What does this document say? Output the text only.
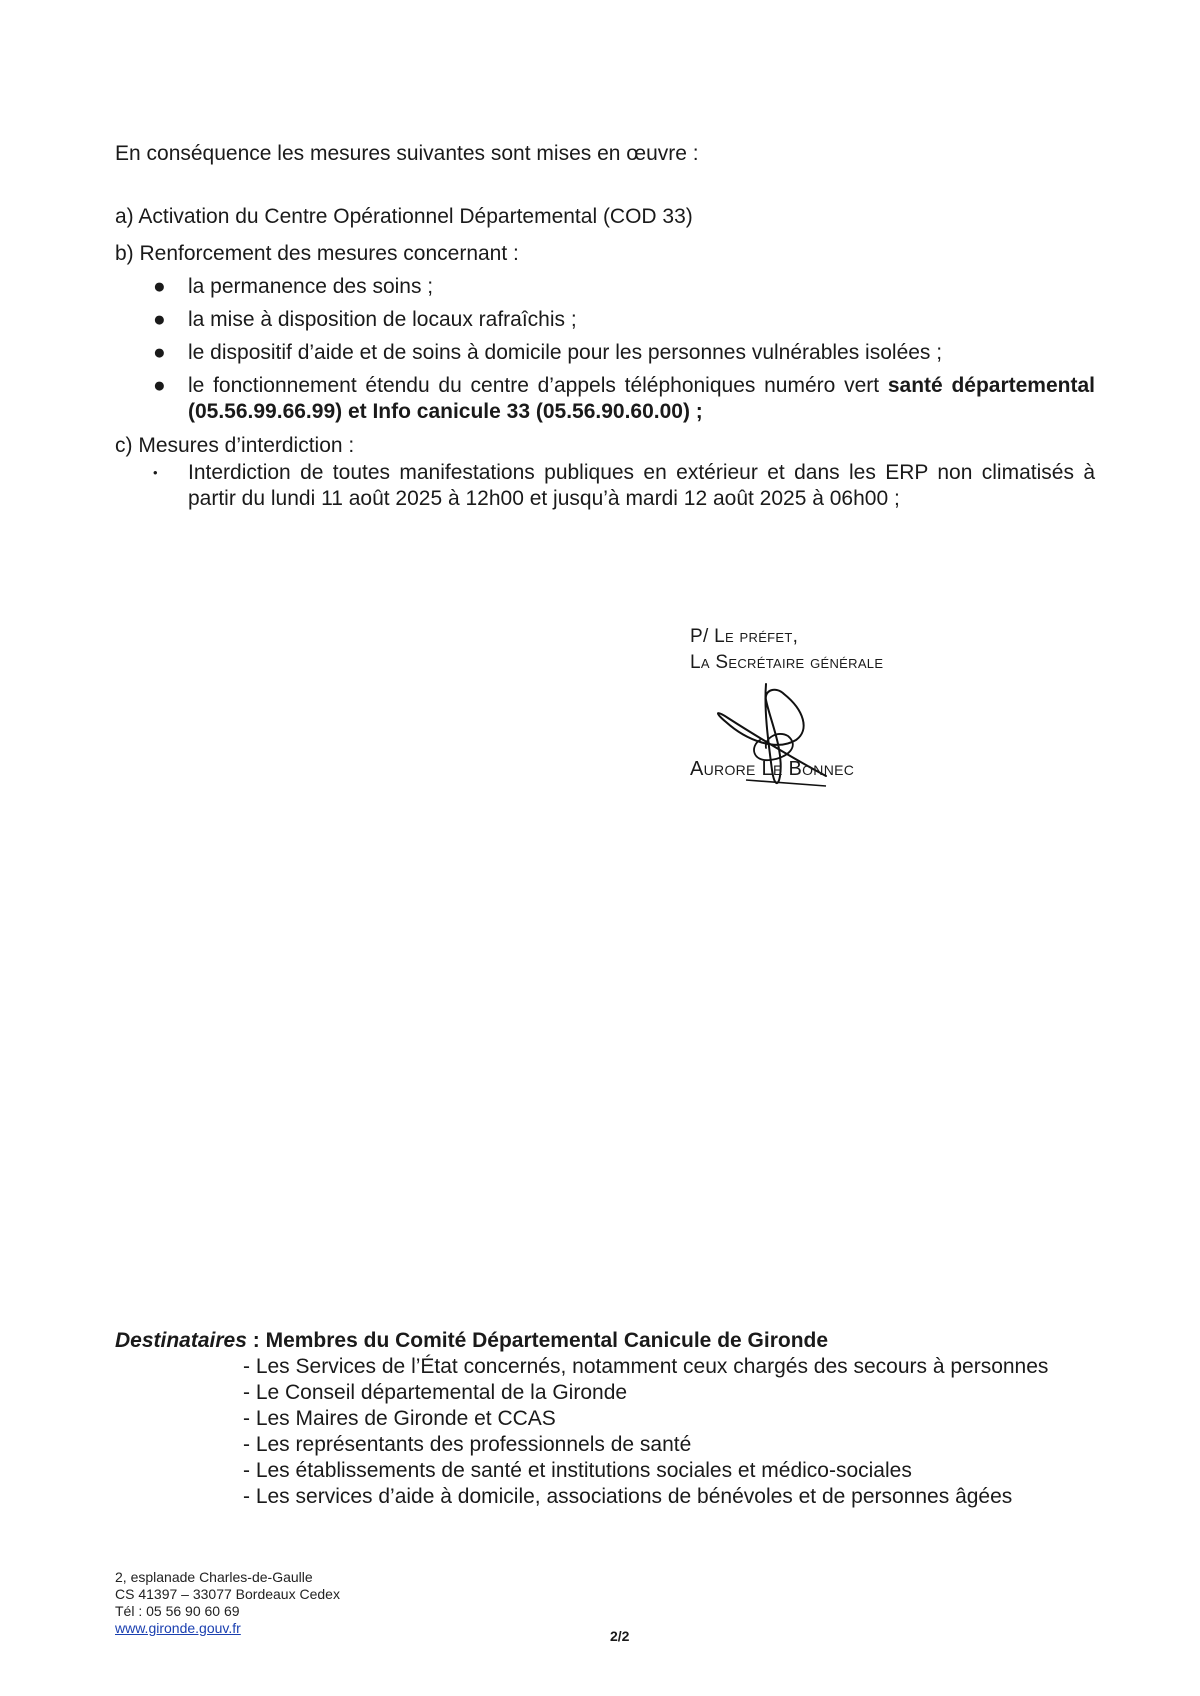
En conséquence les mesures suivantes sont mises en œuvre :

a) Activation du Centre Opérationnel Départemental (COD 33)

b) Renforcement des mesures concernant :

● la permanence des soins ;
● la mise à disposition de locaux rafraîchis ;
● le dispositif d’aide et de soins à domicile pour les personnes vulnérables isolées ;
● le fonctionnement étendu du centre d’appels téléphoniques numéro vert santé départemental (05.56.99.66.99) et Info canicule 33 (05.56.90.60.00) ;

c) Mesures d’interdiction :

• Interdiction de toutes manifestations publiques en extérieur et dans les ERP non climatisés à partir du lundi 11 août 2025 à 12h00 et jusqu’à mardi 12 août 2025 à 06h00 ;
P/ Le préfet,
La Secrétaire générale
Aurore Le Bonnec
Destinataires : Membres du Comité Départemental Canicule de Gironde
- Les Services de l’État concernés, notamment ceux chargés des secours à personnes
- Le Conseil départemental de la Gironde
- Les Maires de Gironde et CCAS
- Les représentants des professionnels de santé
- Les établissements de santé et institutions sociales et médico-sociales
- Les services d’aide à domicile, associations de bénévoles et de personnes âgées
2, esplanade Charles-de-Gaulle
CS 41397 – 33077 Bordeaux Cedex
Tél : 05 56 90 60 69
www.gironde.gouv.fr	2/2
